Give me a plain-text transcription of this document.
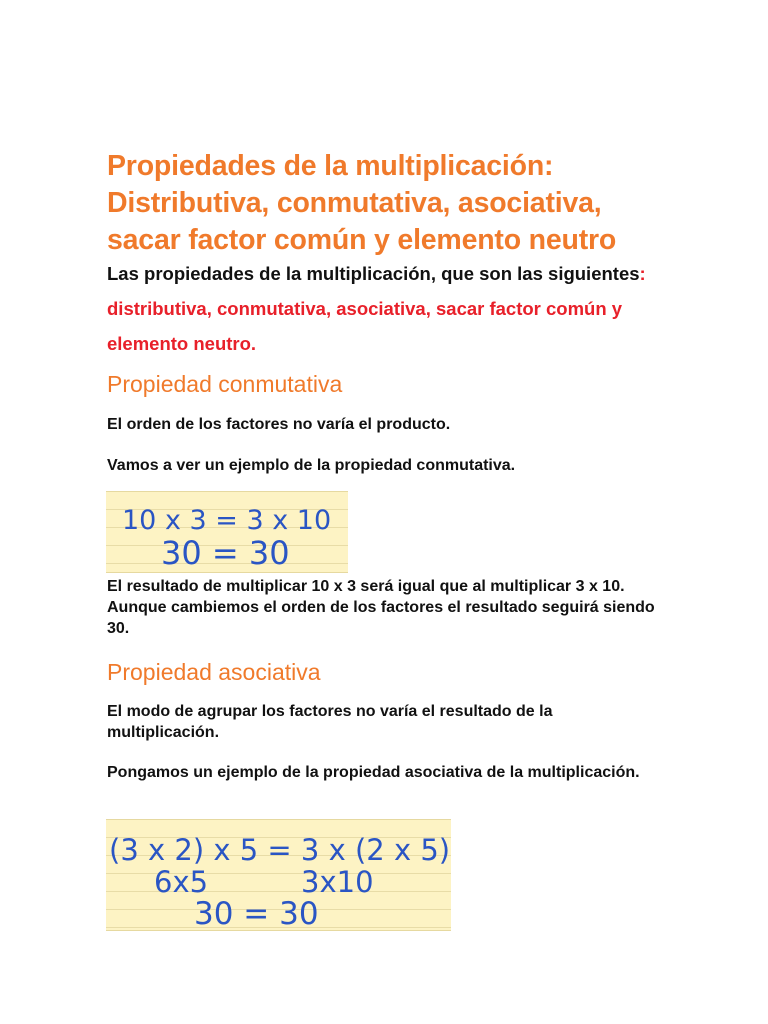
Propiedades de la multiplicación: Distributiva, conmutativa, asociativa, sacar factor común y elemento neutro

Las propiedades de la multiplicación, que son las siguientes: distributiva, conmutativa, asociativa, sacar factor común y elemento neutro.

Propiedad conmutativa

El orden de los factores no varía el producto.

Vamos a ver un ejemplo de la propiedad conmutativa.

10 x 3 = 3 x 10
30 = 30

El resultado de multiplicar 10 x 3 será igual que al multiplicar 3 x 10. Aunque cambiemos el orden de los factores el resultado seguirá siendo 30.

Propiedad asociativa

El modo de agrupar los factores no varía el resultado de la multiplicación.

Pongamos un ejemplo de la propiedad asociativa de la multiplicación.

(3 x 2) x 5 = 3 x (2 x 5)
6x5	3x10
30 = 30
